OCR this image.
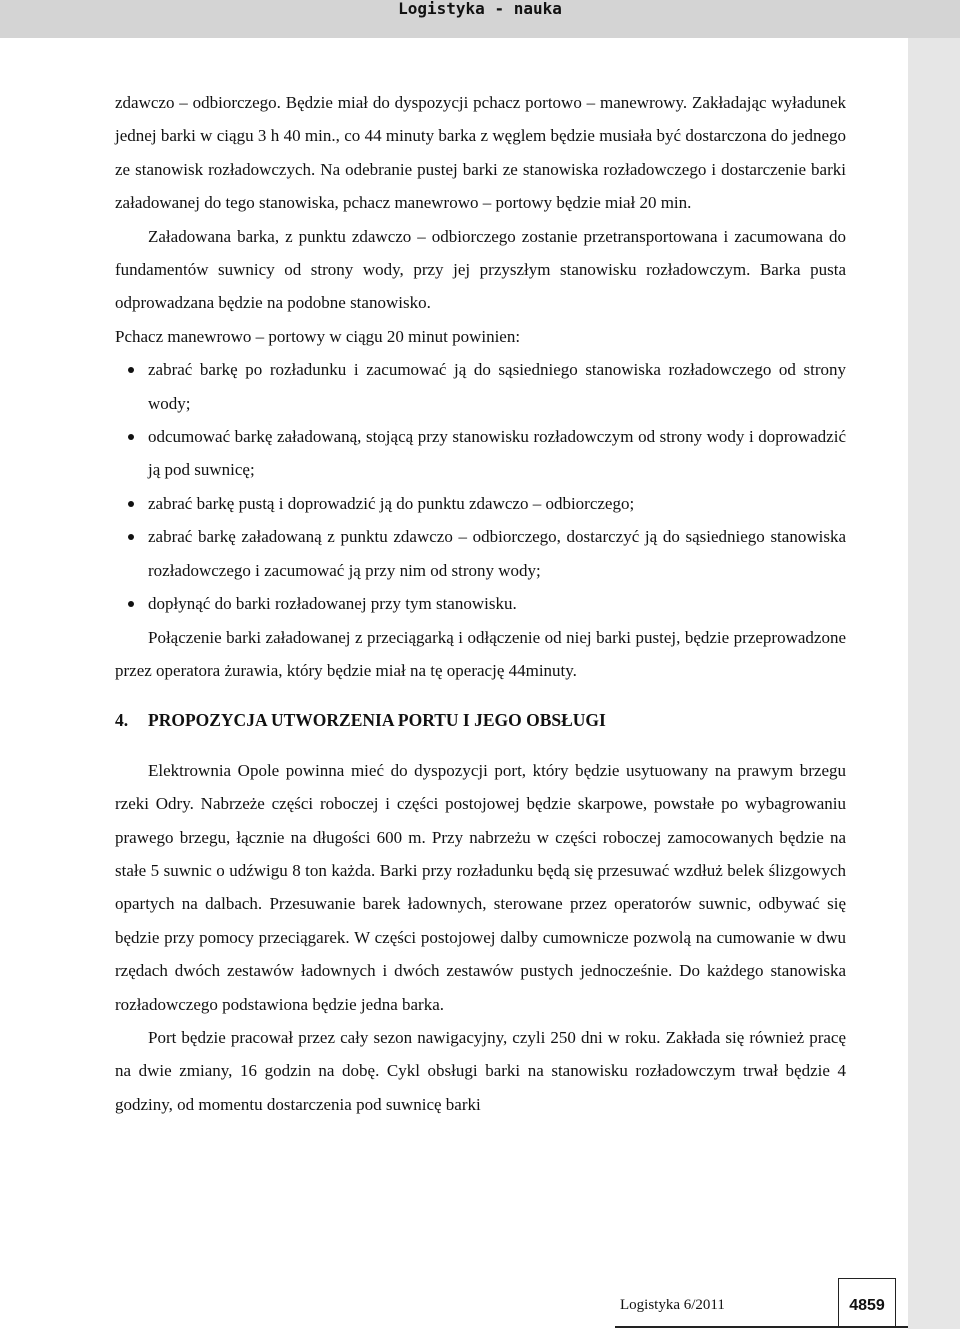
Logistyka - nauka

zdawczo – odbiorczego. Będzie miał do dyspozycji pchacz portowo – manewrowy. Zakładając wyładunek jednej barki w ciągu 3 h 40 min., co 44 minuty barka z węglem będzie musiała być dostarczona do jednego ze stanowisk rozładowczych. Na odebranie pustej barki ze stanowiska rozładowczego i dostarczenie barki załadowanej do tego stanowiska, pchacz manewrowo – portowy będzie miał 20 min.

Załadowana barka, z punktu zdawczo – odbiorczego zostanie przetransportowana i zacumowana do fundamentów suwnicy od strony wody, przy jej przyszłym stanowisku rozładowczym. Barka pusta odprowadzana będzie na podobne stanowisko.

Pchacz manewrowo – portowy w ciągu 20 minut powinien:

zabrać barkę po rozładunku i zacumować ją do sąsiedniego stanowiska rozładowczego od strony wody;
odcumować barkę załadowaną, stojącą przy stanowisku rozładowczym od strony wody i doprowadzić ją pod suwnicę;
zabrać barkę pustą i doprowadzić ją do punktu zdawczo – odbiorczego;
zabrać barkę załadowaną z punktu zdawczo – odbiorczego, dostarczyć ją do sąsiedniego stanowiska rozładowczego i zacumować ją przy nim od strony wody;
dopłynąć do barki rozładowanej przy tym stanowisku.

Połączenie barki załadowanej z przeciągarką i odłączenie od niej barki pustej, będzie przeprowadzone przez operatora żurawia, który będzie miał na tę operację 44minuty.

4. PROPOZYCJA UTWORZENIA PORTU I JEGO OBSŁUGI

Elektrownia Opole powinna mieć do dyspozycji port, który będzie usytuowany na prawym brzegu rzeki Odry. Nabrzeże części roboczej i części postojowej będzie skarpowe, powstałe po wybagrowaniu prawego brzegu, łącznie na długości 600 m. Przy nabrzeżu w części roboczej zamocowanych będzie na stałe 5 suwnic o udźwigu 8 ton każda. Barki przy rozładunku będą się przesuwać wzdłuż belek ślizgowych opartych na dalbach. Przesuwanie barek ładownych, sterowane przez operatorów suwnic, odbywać się będzie przy pomocy przeciągarek. W części postojowej dalby cumownicze pozwolą na cumowanie w dwu rzędach dwóch zestawów ładownych i dwóch zestawów pustych jednocześnie. Do każdego stanowiska rozładowczego podstawiona będzie jedna barka.

Port będzie pracował przez cały sezon nawigacyjny, czyli 250 dni w roku. Zakłada się również pracę na dwie zmiany, 16 godzin na dobę. Cykl obsługi barki na stanowisku rozładowczym trwał będzie 4 godziny, od momentu dostarczenia pod suwnicę barki

Logistyka 6/2011	4859
